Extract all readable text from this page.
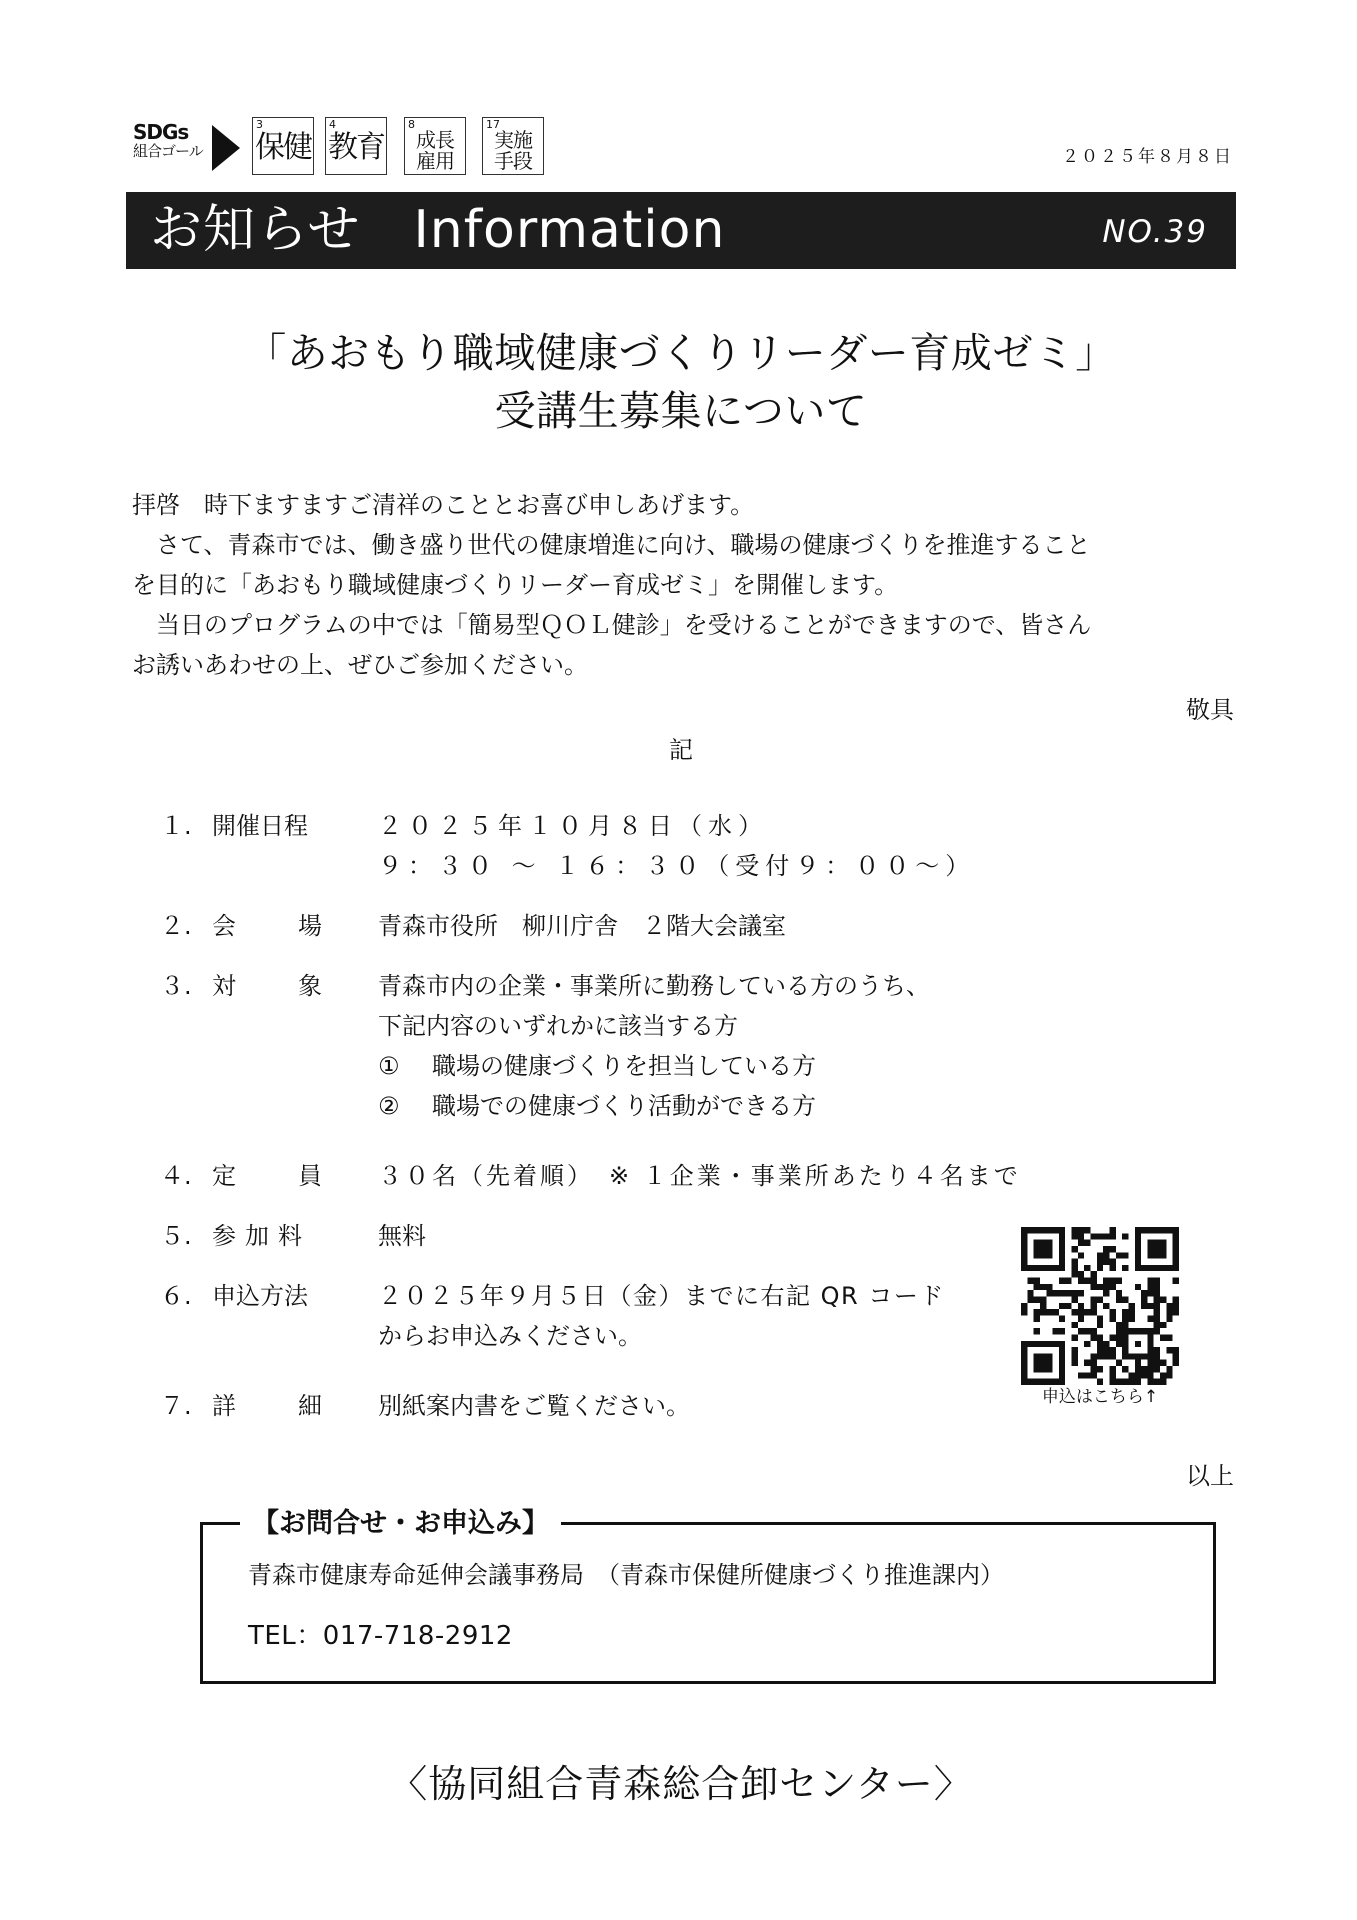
SDGs
組合ゴール
3
保健
4
教育
8
成長
雇用
17
実施
手段	２０２５年８月８日
お知らせ　Information	NO.39
「あおもり職域健康づくりリーダー育成ゼミ」
受講生募集について
拝啓　時下ますますご清祥のこととお喜び申しあげます。
　さて、青森市では、働き盛り世代の健康増進に向け、職場の健康づくりを推進すること
を目的に「あおもり職域健康づくりリーダー育成ゼミ」を開催します。
　当日のプログラムの中では「簡易型ＱＯＬ健診」を受けることができますので、皆さん
お誘いあわせの上、ぜひご参加ください。
敬具
記
１. 開催日程	２０２５年１０月８日（水）
９：３０ ～ １６：３０（受付９：００～）
２. 会	場 青森市役所　柳川庁舎　２階大会議室
３. 対	象 青森市内の企業・事業所に勤務している方のうち、
下記内容のいずれかに該当する方
①	職場の健康づくりを担当している方
②	職場での健康づくり活動ができる方
４. 定	員 ３０名（先着順）　※ １企業・事業所あたり４名まで
５. 参加料	無料
６. 申込方法	２０２５年９月５日（金）までに右記 QR コード
からお申込みください。
７. 詳	細 別紙案内書をご覧ください。	申込はこちら↑
以上
【お問合せ・お申込み】
青森市健康寿命延伸会議事務局　（青森市保健所健康づくり推進課内）
TEL：017-718-2912
〈協同組合青森総合卸センター〉
